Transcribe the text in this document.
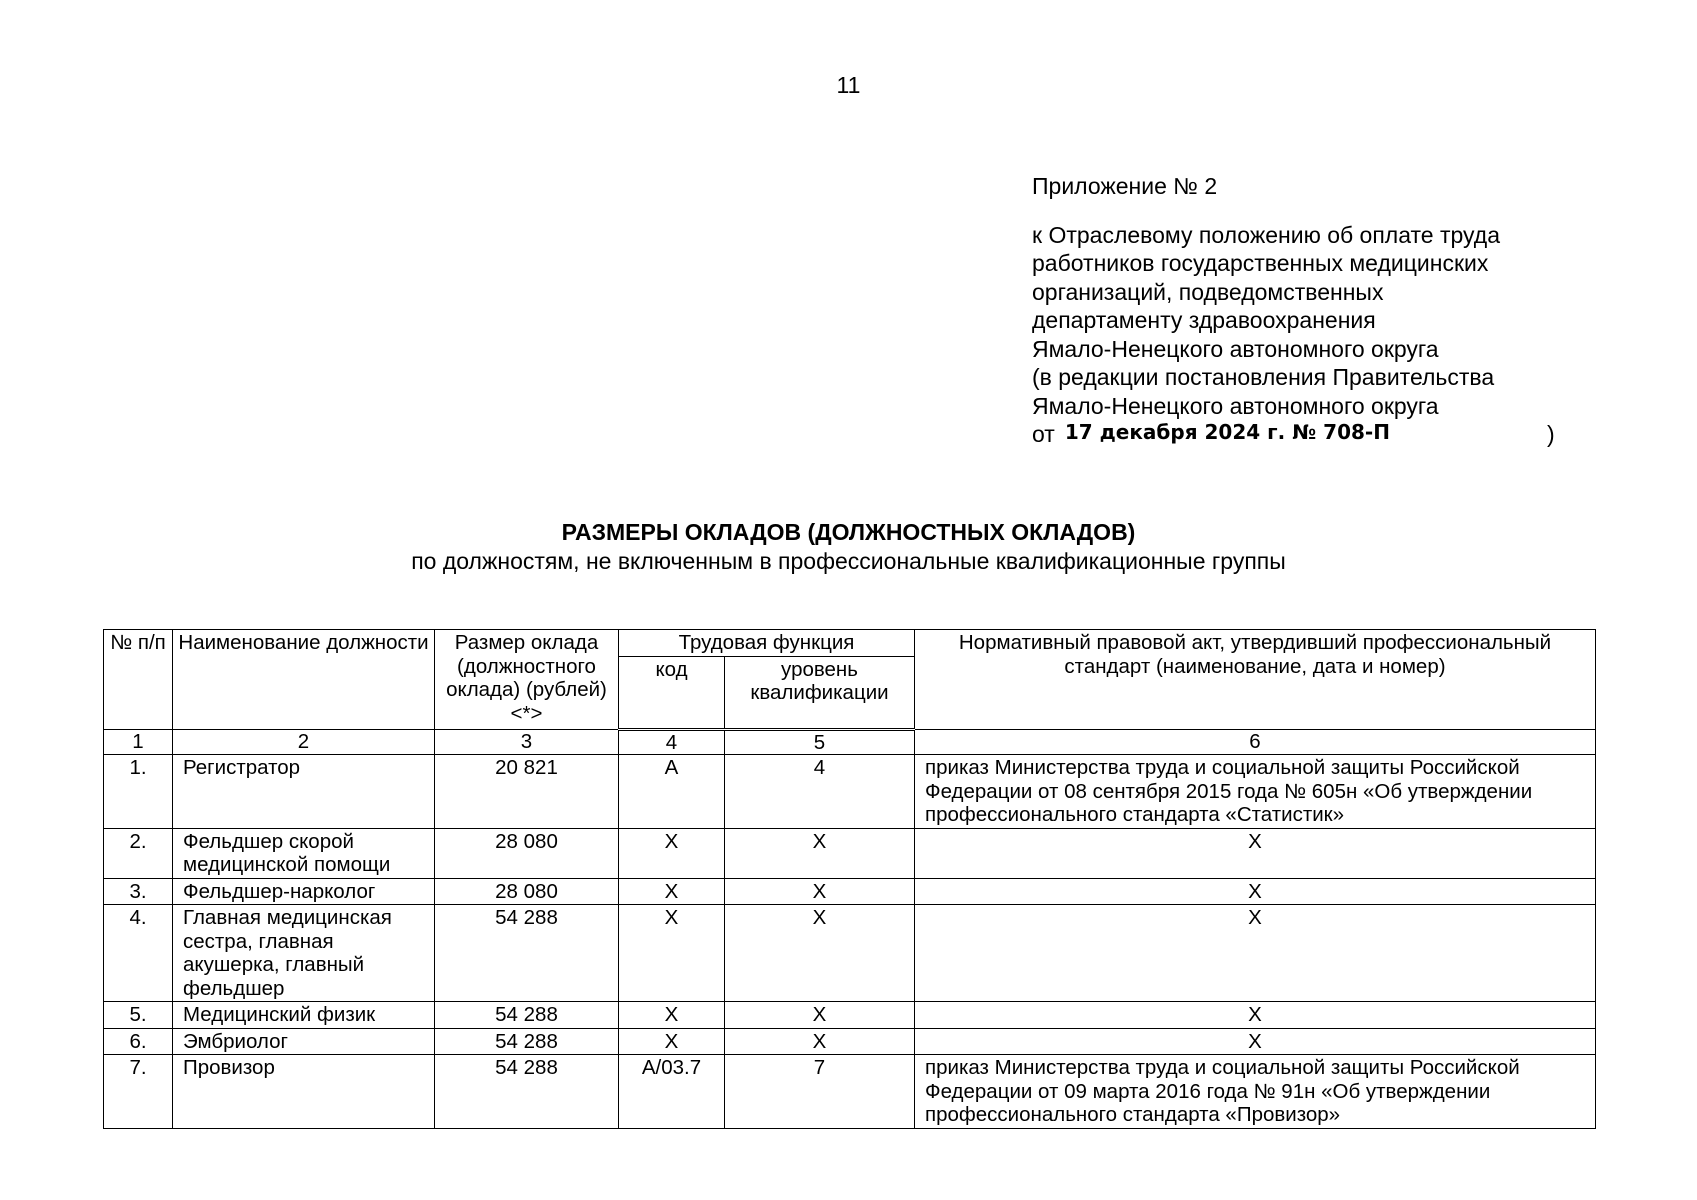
11
Приложение № 2
к Отраслевому положению об оплате труда
работников государственных медицинских
организаций, подведомственных
департаменту здравоохранения
Ямало-Ненецкого автономного округа
(в редакции постановления Правительства
Ямало-Ненецкого автономного округа
от 17 декабря 2024 г. № 708-П	)
РАЗМЕРЫ ОКЛАДОВ (ДОЛЖНОСТНЫХ ОКЛАДОВ)
по должностям, не включенным в профессиональные квалификационные группы
№ п/п	Наименование должности	Размер оклада (должностного оклада) (рублей) <*>	Трудовая функция		Нормативный правовой акт, утвердивший профессиональный стандарт (наименование, дата и номер)
			код	уровень квалификации	
1	2	3	4	5	6
1.	Регистратор	20 821	А	4	приказ Министерства труда и социальной защиты Российской Федерации от 08 сентября 2015 года № 605н «Об утверждении профессионального стандарта «Статистик»
2.	Фельдшер скорой медицинской помощи	28 080	Х	Х	Х
3.	Фельдшер-нарколог	28 080	Х	Х	Х
4.	Главная медицинская сестра, главная акушерка, главный фельдшер	54 288	Х	Х	Х
5.	Медицинский физик	54 288	Х	Х	Х
6.	Эмбриолог	54 288	Х	Х	Х
7.	Провизор	54 288	А/03.7	7	приказ Министерства труда и социальной защиты Российской Федерации от 09 марта 2016 года № 91н «Об утверждении профессионального стандарта «Провизор»
